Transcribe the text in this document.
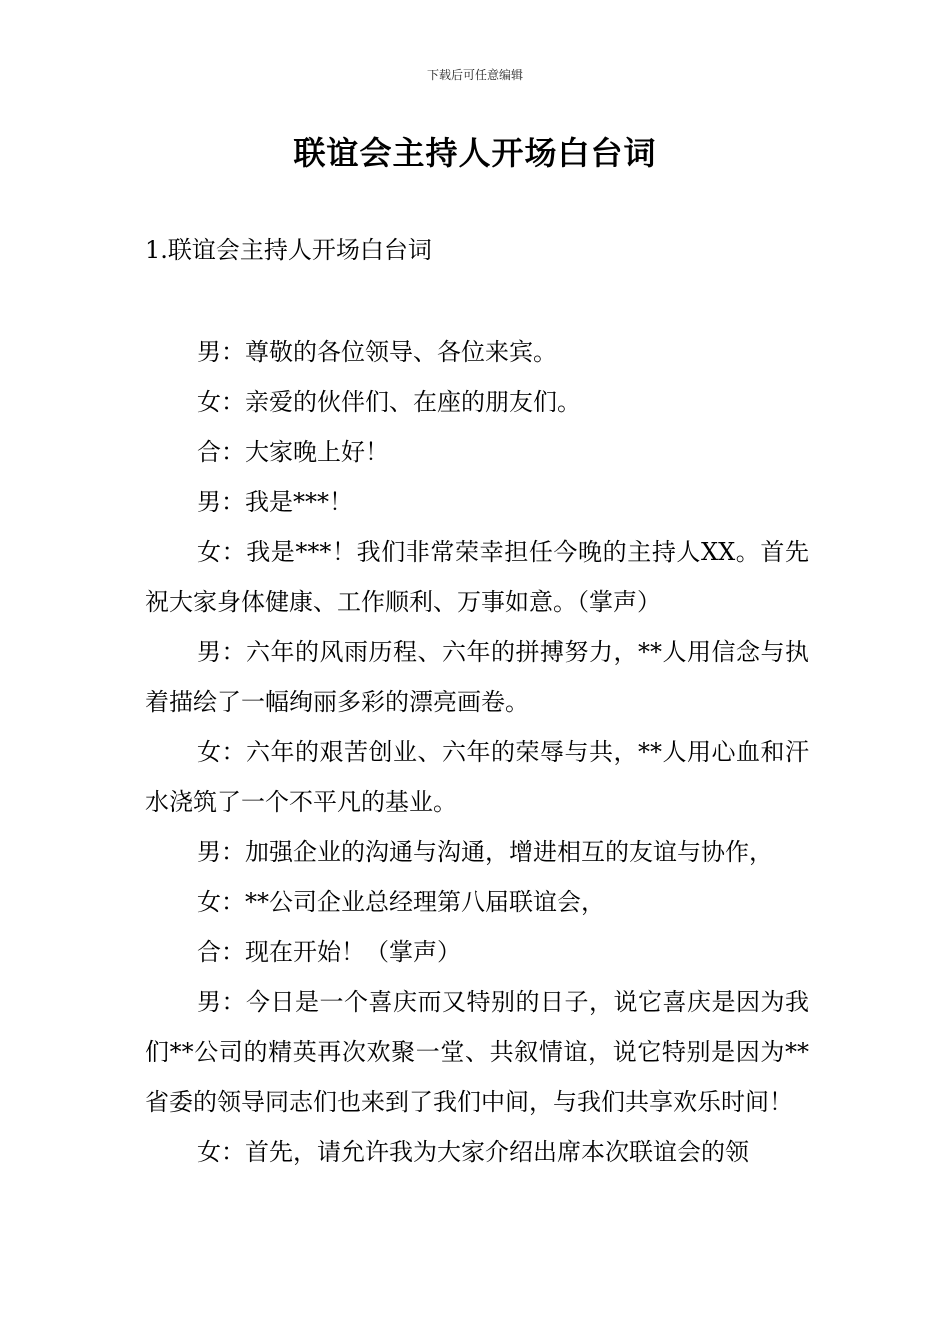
下载后可任意编辑
联谊会主持人开场白台词
1.联谊会主持人开场白台词

男：尊敬的各位领导、各位来宾。

女：亲爱的伙伴们、在座的朋友们。

合：大家晚上好！

男：我是***！

女：我是***！我们非常荣幸担任今晚的主持人XX。首先祝大家身体健康、工作顺利、万事如意。（掌声）

男：六年的风雨历程、六年的拼搏努力，**人用信念与执着描绘了一幅绚丽多彩的漂亮画卷。

女：六年的艰苦创业、六年的荣辱与共，**人用心血和汗水浇筑了一个不平凡的基业。

男：加强企业的沟通与沟通，增进相互的友谊与协作，

女：**公司企业总经理第八届联谊会，

合：现在开始！（掌声）

男：今日是一个喜庆而又特别的日子，说它喜庆是因为我们**公司的精英再次欢聚一堂、共叙情谊，说它特别是因为**省委的领导同志们也来到了我们中间，与我们共享欢乐时间！

女：首先，请允许我为大家介绍出席本次联谊会的领
